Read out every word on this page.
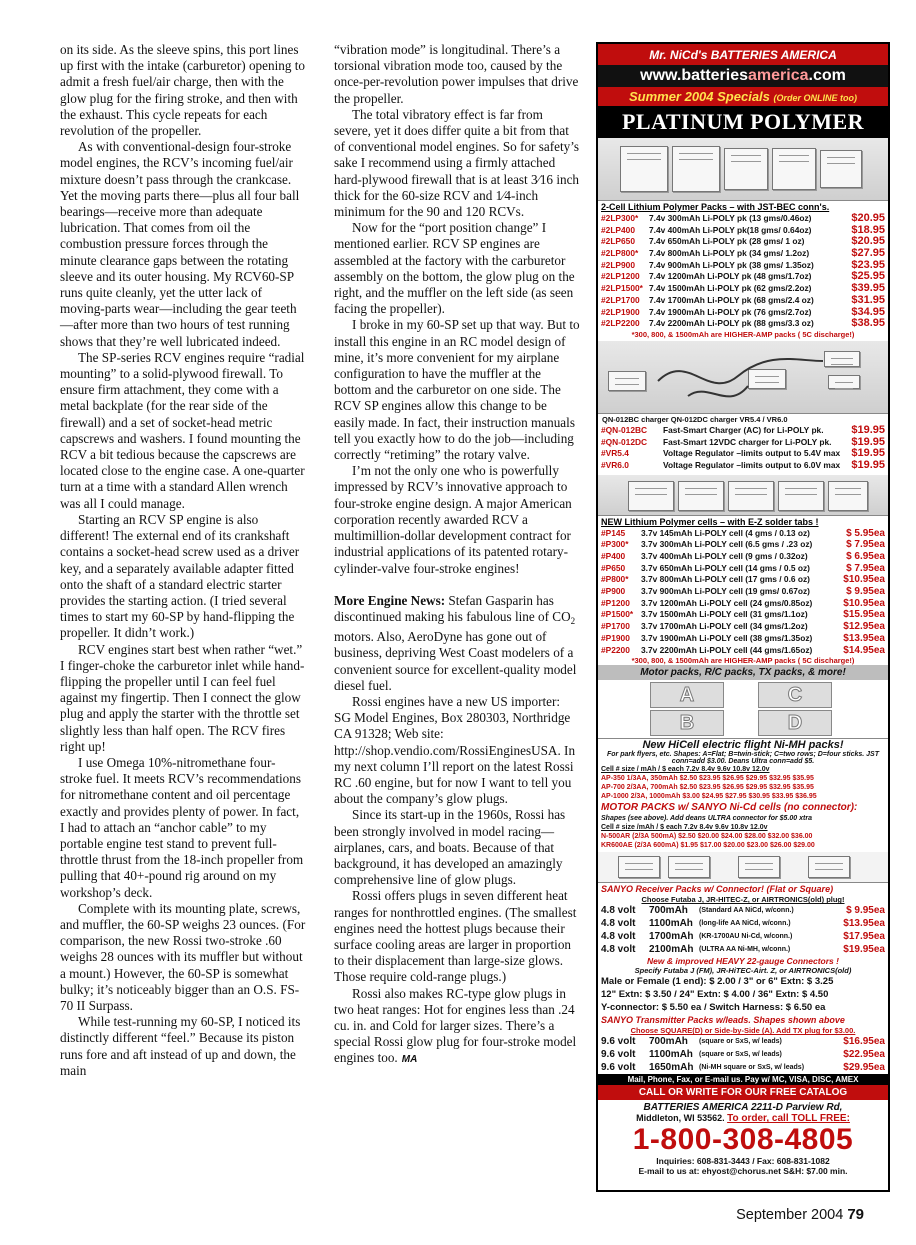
on its side. As the sleeve spins, this port lines up first with the intake (carburetor) opening to admit a fresh fuel/air charge, then with the glow plug for the firing stroke, and then with the exhaust. This cycle repeats for each revolution of the propeller.

As with conventional-design four-stroke model engines, the RCV’s incoming fuel/air mixture doesn’t pass through the crankcase. Yet the moving parts there—plus all four ball bearings—receive more than adequate lubrication. That comes from oil the combustion pressure forces through the minute clearance gaps between the rotating sleeve and its outer housing. My RCV60-SP runs quite cleanly, yet the utter lack of moving-parts wear—including the gear teeth—after more than two hours of test running shows that they’re well lubricated indeed.

The SP-series RCV engines require “radial mounting” to a solid-plywood firewall. To ensure firm attachment, they come with a metal backplate (for the rear side of the firewall) and a set of socket-head metric capscrews and washers. I found mounting the RCV a bit tedious because the capscrews are located close to the engine case. A one-quarter turn at a time with a standard Allen wrench was all I could manage.

Starting an RCV SP engine is also different! The external end of its crankshaft contains a socket-head screw used as a driver key, and a separately available adapter fitted onto the shaft of a standard electric starter provides the starting action. (I tried several times to start my 60-SP by hand-flipping the propeller. It didn’t work.)

RCV engines start best when rather “wet.” I finger-choke the carburetor inlet while hand-flipping the propeller until I can feel fuel against my fingertip. Then I connect the glow plug and apply the starter with the throttle set slightly less than half open. The RCV fires right up!

I use Omega 10%-nitromethane four-stroke fuel. It meets RCV’s recommendations for nitromethane content and oil percentage exactly and provides plenty of power. In fact, I had to attach an “anchor cable” to my portable engine test stand to prevent full-throttle thrust from the 18-inch propeller from pulling that 40+-pound rig around on my workshop’s deck.

Complete with its mounting plate, screws, and muffler, the 60-SP weighs 23 ounces. (For comparison, the new Rossi two-stroke .60 weighs 28 ounces with its muffler but without a mount.) However, the 60-SP is somewhat bulky; it’s noticeably bigger than an O.S. FS-70 II Surpass.

While test-running my 60-SP, I noticed its distinctly different “feel.” Because its piston runs fore and aft instead of up and down, the main

“vibration mode” is longitudinal. There’s a torsional vibration mode too, caused by the once-per-revolution power impulses that drive the propeller.

The total vibratory effect is far from severe, yet it does differ quite a bit from that of conventional model engines. So for safety’s sake I recommend using a firmly attached hard-plywood firewall that is at least 3⁄16 inch thick for the 60-size RCV and 1⁄4-inch minimum for the 90 and 120 RCVs.

Now for the “port position change” I mentioned earlier. RCV SP engines are assembled at the factory with the carburetor assembly on the bottom, the glow plug on the right, and the muffler on the left side (as seen facing the propeller).

I broke in my 60-SP set up that way. But to install this engine in an RC model design of mine, it’s more convenient for my airplane configuration to have the muffler at the bottom and the carburetor on one side. The RCV SP engines allow this change to be easily made. In fact, their instruction manuals tell you exactly how to do the job—including correctly “retiming” the rotary valve.

I’m not the only one who is powerfully impressed by RCV’s innovative approach to four-stroke engine design. A major American corporation recently awarded RCV a multimillion-dollar development contract for industrial applications of its patented rotary-cylinder-valve four-stroke engines!

More Engine News: Stefan Gasparin has discontinued making his fabulous line of $CO_2$ motors. Also, AeroDyne has gone out of business, depriving West Coast modelers of a convenient source for excellent-quality model diesel fuel.

Rossi engines have a new US importer: SG Model Engines, Box 280303, Northridge CA 91328; Web site: http://shop.vendio.com/RossiEnginesUSA. In my next column I’ll report on the latest Rossi RC .60 engine, but for now I want to tell you about the company’s glow plugs.

Since its start-up in the 1960s, Rossi has been strongly involved in model racing—airplanes, cars, and boats. Because of that background, it has developed an amazingly comprehensive line of glow plugs.

Rossi offers plugs in seven different heat ranges for nonthrottled engines. (The smallest engines need the hottest plugs because their surface cooling areas are larger in proportion to their displacement than large-size glows. Those require cold-range plugs.)

Rossi also makes RC-type glow plugs in two heat ranges: Hot for engines less than .24 cu. in. and Cold for larger sizes. There’s a special Rossi glow plug for four-stroke model engines too. MA

Mr. NiCd's BATTERIES AMERICA
www.batteriesamerica.com
Summer 2004 Specials (Order ONLINE too)
PLATINUM POLYMER
2-Cell Lithium Polymer Packs – with JST-BEC conn's.
#2LP300*	7.4v 300mAh Li-POLY pk (13 gms/0.46oz)	$20.95
#2LP400	7.4v 400mAh Li-POLY pk(18 gms/ 0.64oz)	$18.95
#2LP650	7.4v 650mAh Li-POLY pk (28 gms/ 1 oz)	$20.95
#2LP800*	7.4v 800mAh Li-POLY pk (34 gms/ 1.2oz)	$27.95
#2LP900	7.4v 900mAh Li-POLY pk (38 gms/ 1.35oz)	$23.95
#2LP1200	7.4v 1200mAh Li-POLY pk (48 gms/1.7oz)	$25.95
#2LP1500* 7.4v 1500mAh Li-POLY pk (62 gms/2.2oz)	$39.95
#2LP1700	7.4v 1700mAh Li-POLY pk (68 gms/2.4 oz)	$31.95
#2LP1900	7.4v 1900mAh Li-POLY pk (76 gms/2.7oz)	$34.95
#2LP2200	7.4v 2200mAh Li-POLY pk (88 gms/3.3 oz)	$38.95
*300, 800, & 1500mAh are HIGHER-AMP packs ( 5C discharge!)
QN-012BC charger QN-012DC charger VR5.4 / VR6.0
#QN-012BC	Fast-Smart Charger (AC) for Li-POLY pk.	$19.95
#QN-012DC	Fast-Smart 12VDC charger for Li-POLY pk.	$19.95
#VR5.4	Voltage Regulator –limits output to 5.4V max	$19.95
#VR6.0	Voltage Regulator –limits output to 6.0V max	$19.95
NEW Lithium Polymer cells – with E-Z solder tabs !
#P145	3.7v 145mAh Li-POLY cell (4 gms / 0.13 oz)	$ 5.95ea
#P300*	3.7v 300mAh Li-POLY cell (6.5 gms / .23 oz)	$ 7.95ea
#P400	3.7v 400mAh Li-POLY cell (9 gms / 0.32oz)	$ 6.95ea
#P650	3.7v 650mAh Li-POLY cell (14 gms / 0.5 oz)	$ 7.95ea
#P800*	3.7v 800mAh Li-POLY cell (17 gms / 0.6 oz)	$10.95ea
#P900	3.7v 900mAh Li-POLY cell (19 gms/ 0.67oz)	$ 9.95ea
#P1200	3.7v 1200mAh Li-POLY cell (24 gms/0.85oz)	$10.95ea
#P1500* 3.7v 1500mAh Li-POLY cell (31 gms/1.1oz)	$15.95ea
#P1700	3.7v 1700mAh Li-POLY cell (34 gms/1.2oz)	$12.95ea
#P1900	3.7v 1900mAh Li-POLY cell (38 gms/1.35oz)	$13.95ea
#P2200	3.7v 2200mAh Li-POLY cell (44 gms/1.65oz)	$14.95ea
*300, 800, & 1500mAh are HIGHER-AMP packs ( 5C discharge!)
Motor packs, R/C packs, TX packs, & more!
A
B
C
D
New HiCell electric flight Ni-MH packs!
For park flyers, etc. Shapes: A=Flat; B=twin-stick; C=two rows; D=four sticks. JST conn=add $3.00. Deans Ultra conn=add $5.
Cell # size / mAh / $ each 7.2v 8.4v 9.6v 10.8v 12.0v
AP-350 1/3AA, 350mAh $2.50 $23.95 $26.95 $29.95 $32.95 $35.95
AP-700 2/3AA, 700mAh $2.50 $23.95 $26.95 $29.95 $32.95 $35.95
AP-1000 2/3A, 1000mAh $3.00 $24.95 $27.95 $30.95 $33.95 $36.95
MOTOR PACKS w/ SANYO Ni-Cd cells (no connector):
Shapes (see above). Add deans ULTRA connector for $5.00 xtra
Cell # size /mAh / $ each 7.2v 8.4v 9.6v 10.8v 12.0v
N-500AR (2/3A 500mA) $2.50 $20.00 $24.00 $28.00 $32.00 $36.00
KR600AE (2/3A 600mA) $1.95 $17.00 $20.00 $23.00 $26.00 $29.00
SANYO Receiver Packs w/ Connector! (Flat or Square)
Choose Futaba J, JR-HITEC-Z, or AIRTRONICS(old) plug!
4.8 volt	700mAh	(Standard AA NiCd, w/conn.)	$ 9.95ea
4.8 volt	1100mAh (long-life AA NiCd, w/conn.)	$13.95ea
4.8 volt	1700mAh (KR-1700AU Ni-Cd, w/conn.)	$17.95ea
4.8 volt	2100mAh (ULTRA AA Ni-MH, w/conn.)	$19.95ea
New & improved HEAVY 22-gauge Connectors !
Specify Futaba J (FM), JR-HiTEC-Airt. Z, or AIRTRONICS(old)
Male or Female (1 end): $ 2.00 / 3" or 6" Extn: $ 3.25
12" Extn: $ 3.50 / 24" Extn: $ 4.00 / 36" Extn: $ 4.50
Y-connector: $ 5.50 ea / Switch Harness: $ 6.50 ea
SANYO Transmitter Packs w/leads. Shapes shown above
Choose SQUARE(D) or Side-by-Side (A). Add TX plug for $3.00.
9.6 volt	700mAh	(square or SxS, w/ leads)	$16.95ea
9.6 volt	1100mAh (square or SxS, w/ leads)	$22.95ea
9.6 volt	1650mAh (Ni-MH square or SxS, w/ leads)	$29.95ea
Mail, Phone, Fax, or E-mail us. Pay w/ MC, VISA, DISC, AMEX
CALL OR WRITE FOR OUR FREE CATALOG
BATTERIES AMERICA 2211-D Parview Rd,
Middleton, WI 53562. To order, call TOLL FREE:
1-800-308-4805
Inquiries: 608-831-3443 / Fax: 608-831-1082
E-mail to us at: ehyost@chorus.net S&H: $7.00 min.
September 2004 79
